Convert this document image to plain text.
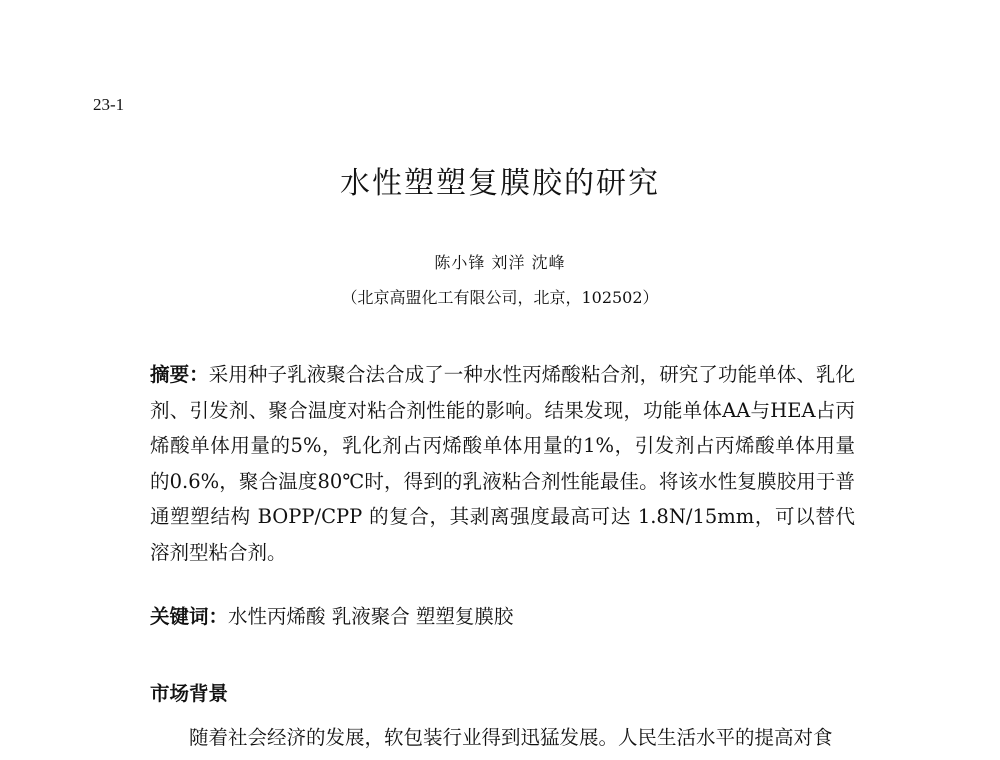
23-1
水性塑塑复膜胶的研究
陈小锋 刘洋 沈峰
（北京高盟化工有限公司，北京，102502）
摘要：采用种子乳液聚合法合成了一种水性丙烯酸粘合剂，研究了功能单体、乳化剂、引发剂、聚合温度对粘合剂性能的影响。结果发现，功能单体AA与HEA占丙烯酸单体用量的5%，乳化剂占丙烯酸单体用量的1%，引发剂占丙烯酸单体用量的0.6%，聚合温度80℃时，得到的乳液粘合剂性能最佳。将该水性复膜胶用于普通塑塑结构 BOPP/CPP 的复合，其剥离强度最高可达 1.8N/15mm，可以替代溶剂型粘合剂。
关键词：水性丙烯酸 乳液聚合 塑塑复膜胶
市场背景
随着社会经济的发展，软包装行业得到迅猛发展。人民生活水平的提高对食
